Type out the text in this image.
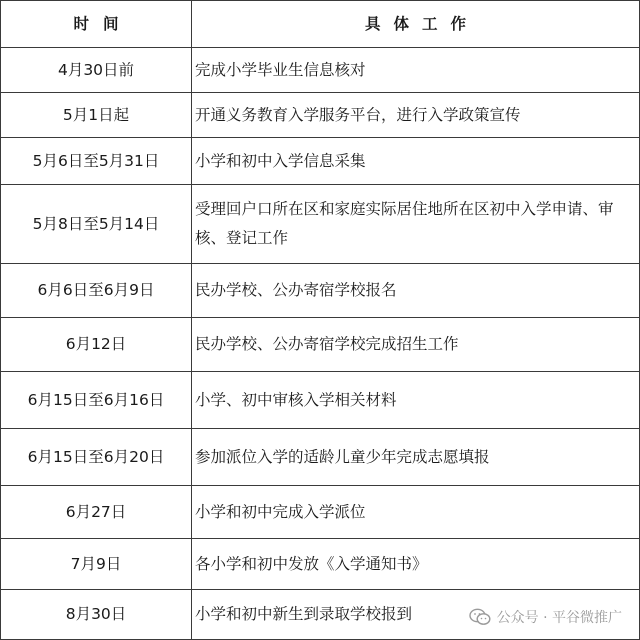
时间	具体工作
4月30日前	完成小学毕业生信息核对
5月1日起	开通义务教育入学服务平台，进行入学政策宣传
5月6日至5月31日	小学和初中入学信息采集
5月8日至5月14日	受理回户口所在区和家庭实际居住地所在区初中入学申请、审核、登记工作
6月6日至6月9日	民办学校、公办寄宿学校报名
6月12日	民办学校、公办寄宿学校完成招生工作
6月15日至6月16日	小学、初中审核入学相关材料
6月15日至6月20日	参加派位入学的适龄儿童少年完成志愿填报
6月27日	小学和初中完成入学派位
7月9日	各小学和初中发放《入学通知书》
8月30日	小学和初中新生到录取学校报到	公众号 · 平谷微推广
